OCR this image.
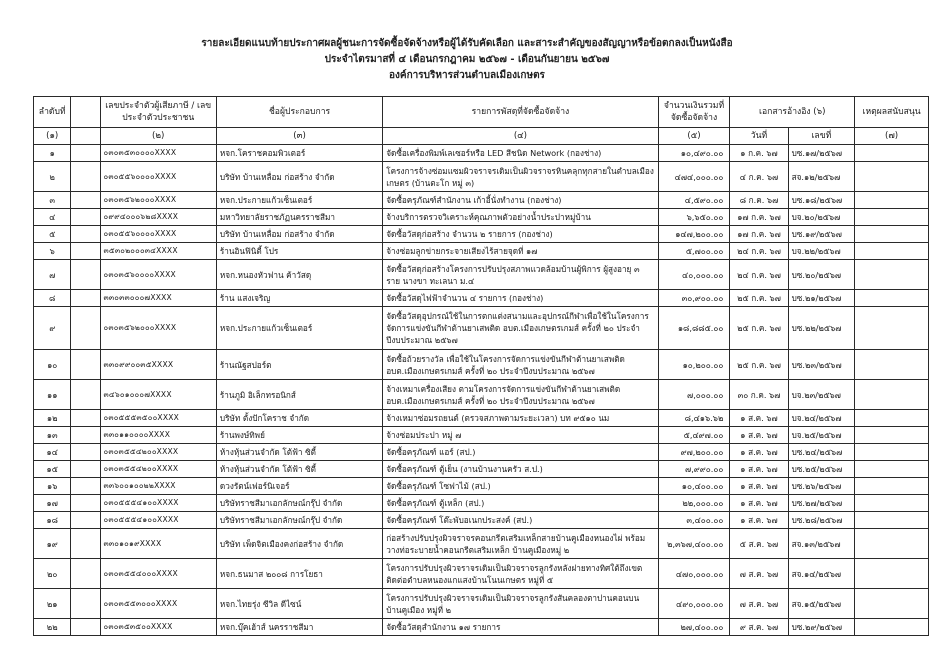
รายละเอียดแนบท้ายประกาศผลผู้ชนะการจัดซื้อจัดจ้างหรือผู้ได้รับคัดเลือก และสาระสำคัญของสัญญาหรือข้อตกลงเป็นหนังสือ
ประจำไตรมาสที่ ๔ เดือนกรกฎาคม ๒๕๖๗ - เดือนกันยายน ๒๕๖๗
องค์การบริหารส่วนตำบลเมืองเกษตร
ลำดับที่		เลขประจำตัวผู้เสียภาษี / เลขประจำตัวประชาชน	ชื่อผู้ประกอบการ	รายการพัสดุที่จัดซื้อจัดจ้าง	จำนวนเงินรวมที่จัดซื้อจัดจ้าง	เอกสารอ้างอิง (๖)		เหตุผลสนับสนุน
(๑)		(๒)	(๓)	(๔)	(๕)	วันที่	เลขที่	(๗)
๑		๐๓๐๓๕๓๐๐๐๐XXXX	หจก.โคราชคอมพิวเตอร์	จัดซื้อเครื่องพิมพ์เลเซอร์หรือ LED สีชนิด Network (กองช่าง)	๑๐,๔๙๐.๐๐	๑ ก.ค. ๖๗	บซ.๑๗/๒๕๖๗	
๒		๐๓๐๕๕๖๐๐๐๐XXXX	บริษัท บ้านเหลื่อม ก่อสร้าง จำกัด	โครงการจ้างซ่อมแซมผิวจราจรเดิมเป็นผิวจราจรหินคลุกทุกสายในตำบลเมืองเกษตร (บ้านตะโก หมู่ ๓)	๔๗๔,๐๐๐.๐๐	๔ ก.ค. ๖๗	สจ.๑๒/๒๕๖๗	
๓		๐๓๐๓๕๖๒๐๐๐XXXX	หจก.ประกายแก้วเซ็นเตอร์	จัดซื้อครุภัณฑ์สำนักงาน เก้าอี้นั่งทำงาน (กองช่าง)	๔,๕๙๐.๐๐	๘ ก.ค. ๖๗	บซ.๑๘/๒๕๖๗	
๔		๐๙๙๔๐๐๐๖๒๘XXXX	มหาวิทยาลัยราชภัฏนครราชสีมา	จ้างบริการตรวจวิเคราะห์คุณภาพตัวอย่างน้ำประปาหมู่บ้าน	๖,๖๕๐.๐๐	๑๗ ก.ค. ๖๗	บจ.๒๐/๒๕๖๗	
๕		๐๓๐๕๕๖๐๐๐๐XXXX	บริษัท บ้านเหลื่อม ก่อสร้าง จำกัด	จัดซื้อวัสดุก่อสร้าง จำนวน ๒ รายการ (กองช่าง)	๑๔๗,๒๐๐.๐๐	๑๗ ก.ค. ๖๗	บซ.๑๙/๒๕๖๗	
๖		๓๕๓๐๒๐๐๐๓๔XXXX	ร้านอินฟินิตี้ โปร	จ้างซ่อมลูกข่ายกระจายเสียงไร้สายจุดที่ ๑๗	๕,๗๐๐.๐๐	๒๔ ก.ค. ๖๗	บจ.๒๒/๒๕๖๗	
๗		๐๓๐๓๕๖๐๐๐๐XXXX	หจก.หนองหัวฟาน ค้าวัสดุ	จัดซื้อวัสดุก่อสร้างโครงการปรับปรุงสภาพแวดล้อมบ้านผู้พิการ ผู้สูงอายุ ๓ ราย นางขา ทะเลนา ม.๔	๔๐,๐๐๐.๐๐	๒๔ ก.ค. ๖๗	บซ.๒๐/๒๕๖๗	
๘		๓๓๐๓๓๐๐๐๗XXXX	ร้าน แสงเจริญ	จัดซื้อวัสดุไฟฟ้าจำนวน ๔ รายการ (กองช่าง)	๓๐,๙๐๐.๐๐	๒๕ ก.ค. ๖๗	บซ.๒๑/๒๕๖๗	
๙		๐๓๐๓๕๖๒๐๐๐XXXX	หจก.ประกายแก้วเซ็นเตอร์	จัดซื้อวัสดุอุปกรณ์ใช้ในการตกแต่งสนามและอุปกรณ์กีฬาเพื่อใช้ในโครงการจัดการแข่งขันกีฬาต้านยาเสพติด อบต.เมืองเกษตรเกมส์ ครั้งที่ ๒๐ ประจำปีงบประมาณ ๒๕๖๗	๑๘,๘๘๕.๐๐	๒๕ ก.ค. ๖๗	บซ.๒๒/๒๕๖๗	
๑๐		๓๓๐๙๙๐๐๓๕XXXX	ร้านณัฐสปอร์ต	จัดซื้อถ้วยรางวัล เพื่อใช้ในโครงการจัดการแข่งขันกีฬาต้านยาเสพติด อบต.เมืองเกษตรเกมส์ ครั้งที่ ๒๐ ประจำปีงบประมาณ ๒๕๖๗	๑๐,๒๐๐.๐๐	๒๕ ก.ค. ๖๗	บซ.๒๓/๒๕๖๗	
๑๑		๓๔๖๐๑๐๐๐๗XXXX	ร้านภูมิ อิเล็กทรอนิกส์	จ้างเหมาเครื่องเสียง ตามโครงการจัดการแข่งขันกีฬาต้านยาเสพติด อบต.เมืองเกษตรเกมส์ ครั้งที่ ๒๐ ประจำปีงบประมาณ ๒๕๖๗	๗,๐๐๐.๐๐	๓๐ ก.ค. ๖๗	บจ.๒๓/๒๕๖๗	
๑๒		๐๓๐๕๕๕๓๕๐๐XXXX	บริษัท ตั้งปักโคราช จำกัด	จ้างเหมาซ่อมรถยนต์ (ตรวจสภาพตามระยะเวลา) บท ๙๕๑๐ นม	๘,๔๑๖.๖๒	๑ ส.ค. ๖๗	บจ.๒๔/๒๕๖๗	
๑๓		๓๓๐๑๑๐๐๐๐XXXX	ร้านพงษ์ทิพย์	จ้างซ่อมประปา หมู่ ๗	๕,๔๙๗.๐๐	๑ ส.ค. ๖๗	บจ.๒๕/๒๕๖๗	
๑๔		๐๓๐๓๕๕๔๒๐๐XXXX	ห้างหุ้นส่วนจำกัด โต้ฟ้า ซิตี้	จัดซื้อครุภัณฑ์ แอร์ (สป.)	๙๗,๒๐๐.๐๐	๑ ส.ค. ๖๗	บซ.๒๔/๒๕๖๗	
๑๕		๐๓๐๓๕๕๔๒๐๐XXXX	ห้างหุ้นส่วนจำกัด โต้ฟ้า ซิตี้	จัดซื้อครุภัณฑ์ ตู้เย็น (งานบ้านงานครัว ส.ป.)	๗,๙๙๐.๐๐	๑ ส.ค. ๖๗	บซ.๒๕/๒๕๖๗	
๑๖		๓๓๖๐๐๑๐๐๒๒XXXX	ดวงรัตน์เฟอร์นิเจอร์	จัดซื้อครุภัณฑ์ โซฟาไม้ (สป.)	๑๐,๔๐๐.๐๐	๑ ส.ค. ๖๗	บซ.๒๖/๒๕๖๗	
๑๗		๐๓๐๕๕๕๔๑๐๐XXXX	บริษัทราชสีมาเอกลักษณ์กรุ๊ป จำกัด	จัดซื้อครุภัณฑ์ ตู้เหล็ก (สป.)	๒๒,๐๐๐.๐๐	๑ ส.ค. ๖๗	บซ.๒๗/๒๕๖๗	
๑๘		๐๓๐๕๕๕๔๑๐๐XXXX	บริษัทราชสีมาเอกลักษณ์กรุ๊ป จำกัด	จัดซื้อครุภัณฑ์ โต๊ะพับอเนกประสงค์ (สป.)	๓,๔๐๐.๐๐	๑ ส.ค. ๖๗	บซ.๒๘/๒๕๖๗	
๑๙		๓๓๐๑๐๑๙XXXX	บริษัท เพ็ดจิตเมืองคงก่อสร้าง จำกัด	ก่อสร้างปรับปรุงผิวจราจรคอนกรีตเสริมเหล็กสายบ้านคูเมืองหนองไผ่ พร้อมวางท่อระบายน้ำคอนกรีตเสริมเหล็ก บ้านคูเมืองหมู่ ๒	๒,๓๖๗,๔๐๐.๐๐	๕ ส.ค. ๖๗	สจ.๑๓/๒๕๖๗	
๒๐		๐๓๐๓๕๕๔๐๐๐XXXX	หจก.ธนมาส ๒๐๐๘ การโยธา	โครงการปรับปรุงผิวจราจรเดิมเป็นผิวจราจรลูกรังหลังฝายทางทิศใต้ถึงเขตติดต่อตำบลหนองแกแสงบ้านโนนเกษตร หมู่ที่ ๕	๔๗๐,๐๐๐.๐๐	๗ ส.ค. ๖๗	สจ.๑๔/๒๕๖๗	
๒๑		๐๓๐๓๕๕๓๐๐๐XXXX	หจก.ไทยรุ่ง ซีวิล ดีไซน์	โครงการปรับปรุงผิวจราจรเดิมเป็นผิวจราจรลูกรังสันคลองตาปานคอนบน บ้านคูเมือง หมู่ที่ ๒	๔๙๐,๐๐๐.๐๐	๗ ส.ค. ๖๗	สจ.๑๕/๒๕๖๗	
๒๒		๐๓๐๓๕๓๕๐๐XXXX	หจก.บุ๊คเฮ้าส์ นครราชสีมา	จัดซื้อวัสดุสำนักงาน ๑๗ รายการ	๒๗,๔๐๐.๐๐	๙ ส.ค. ๖๗	บซ.๒๙/๒๕๖๗	
